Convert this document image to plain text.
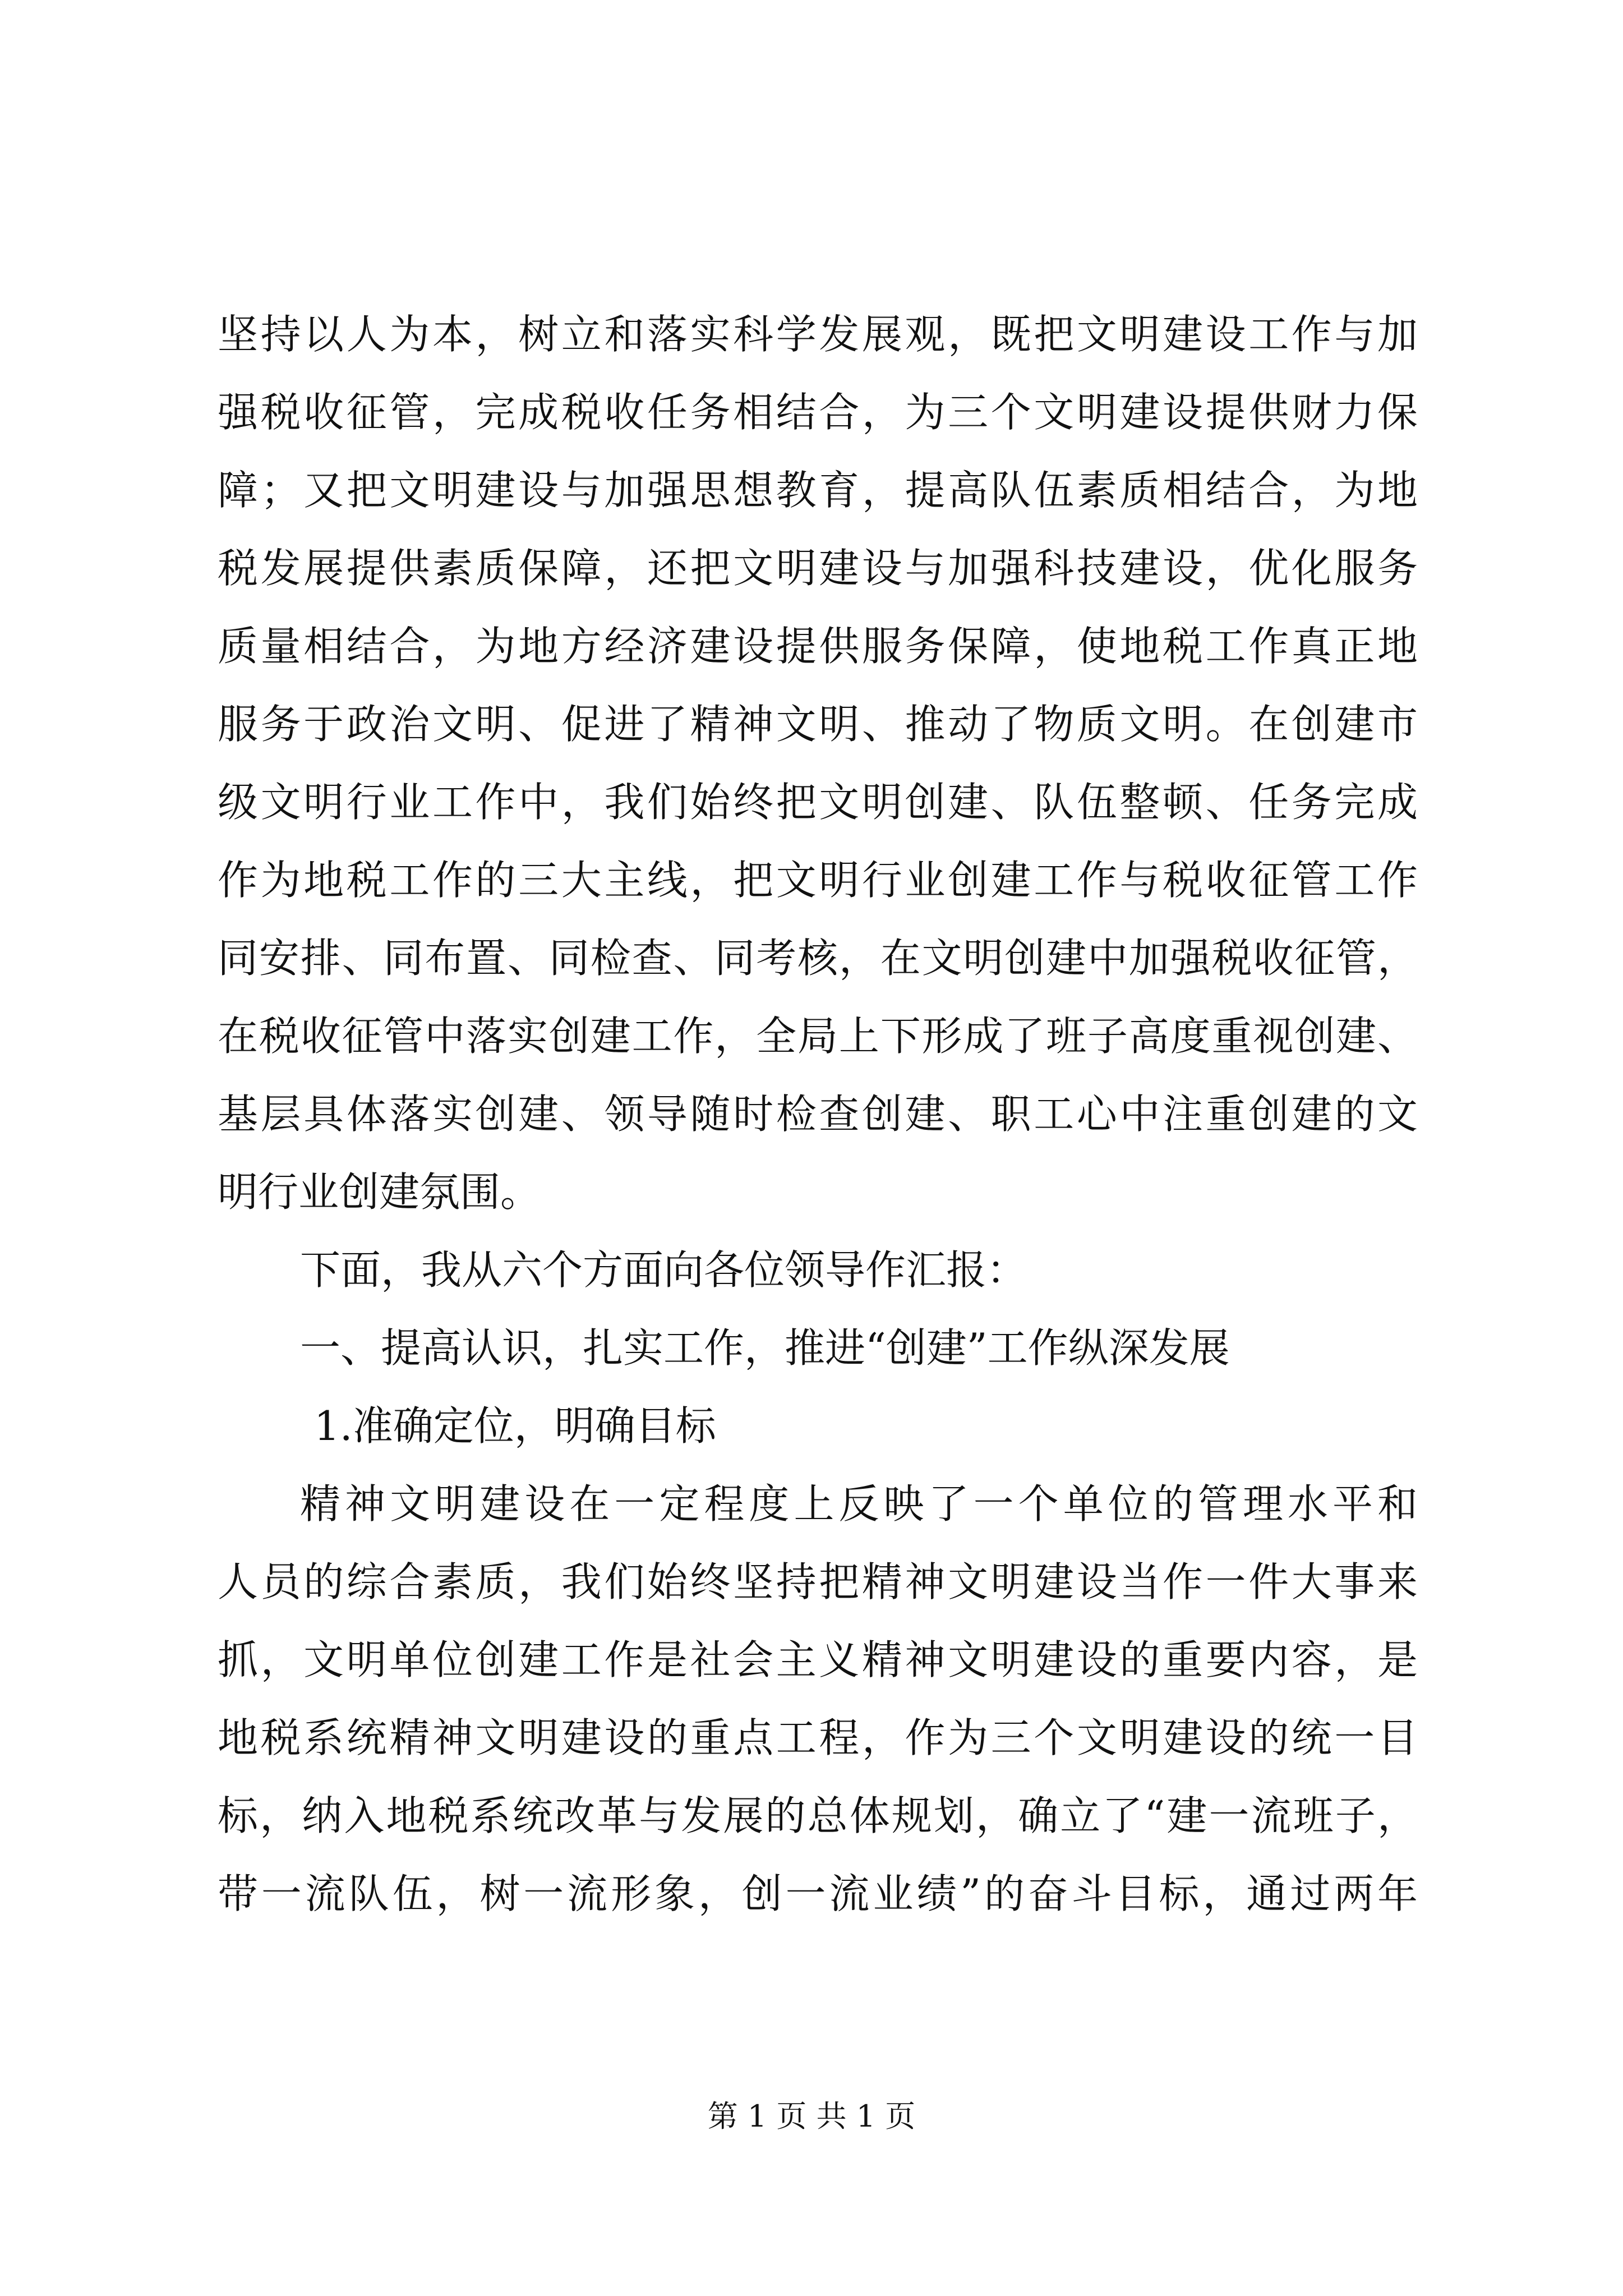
坚持以人为本，树立和落实科学发展观，既把文明建设工作与加
强税收征管，完成税收任务相结合，为三个文明建设提供财力保
障；又把文明建设与加强思想教育，提高队伍素质相结合，为地
税发展提供素质保障，还把文明建设与加强科技建设，优化服务
质量相结合，为地方经济建设提供服务保障，使地税工作真正地
服务于政治文明、促进了精神文明、推动了物质文明。在创建市
级文明行业工作中，我们始终把文明创建、队伍整顿、任务完成
作为地税工作的三大主线，把文明行业创建工作与税收征管工作
同安排、同布置、同检查、同考核，在文明创建中加强税收征管，
在税收征管中落实创建工作，全局上下形成了班子高度重视创建、
基层具体落实创建、领导随时检查创建、职工心中注重创建的文
明行业创建氛围。
下面，我从六个方面向各位领导作汇报：
一、提高认识，扎实工作，推进“创建”工作纵深发展
1.准确定位，明确目标
精神文明建设在一定程度上反映了一个单位的管理水平和
人员的综合素质，我们始终坚持把精神文明建设当作一件大事来
抓，文明单位创建工作是社会主义精神文明建设的重要内容，是
地税系统精神文明建设的重点工程，作为三个文明建设的统一目
标，纳入地税系统改革与发展的总体规划，确立了“建一流班子，
带一流队伍，树一流形象，创一流业绩”的奋斗目标，通过两年
第 1 页 共 1 页
